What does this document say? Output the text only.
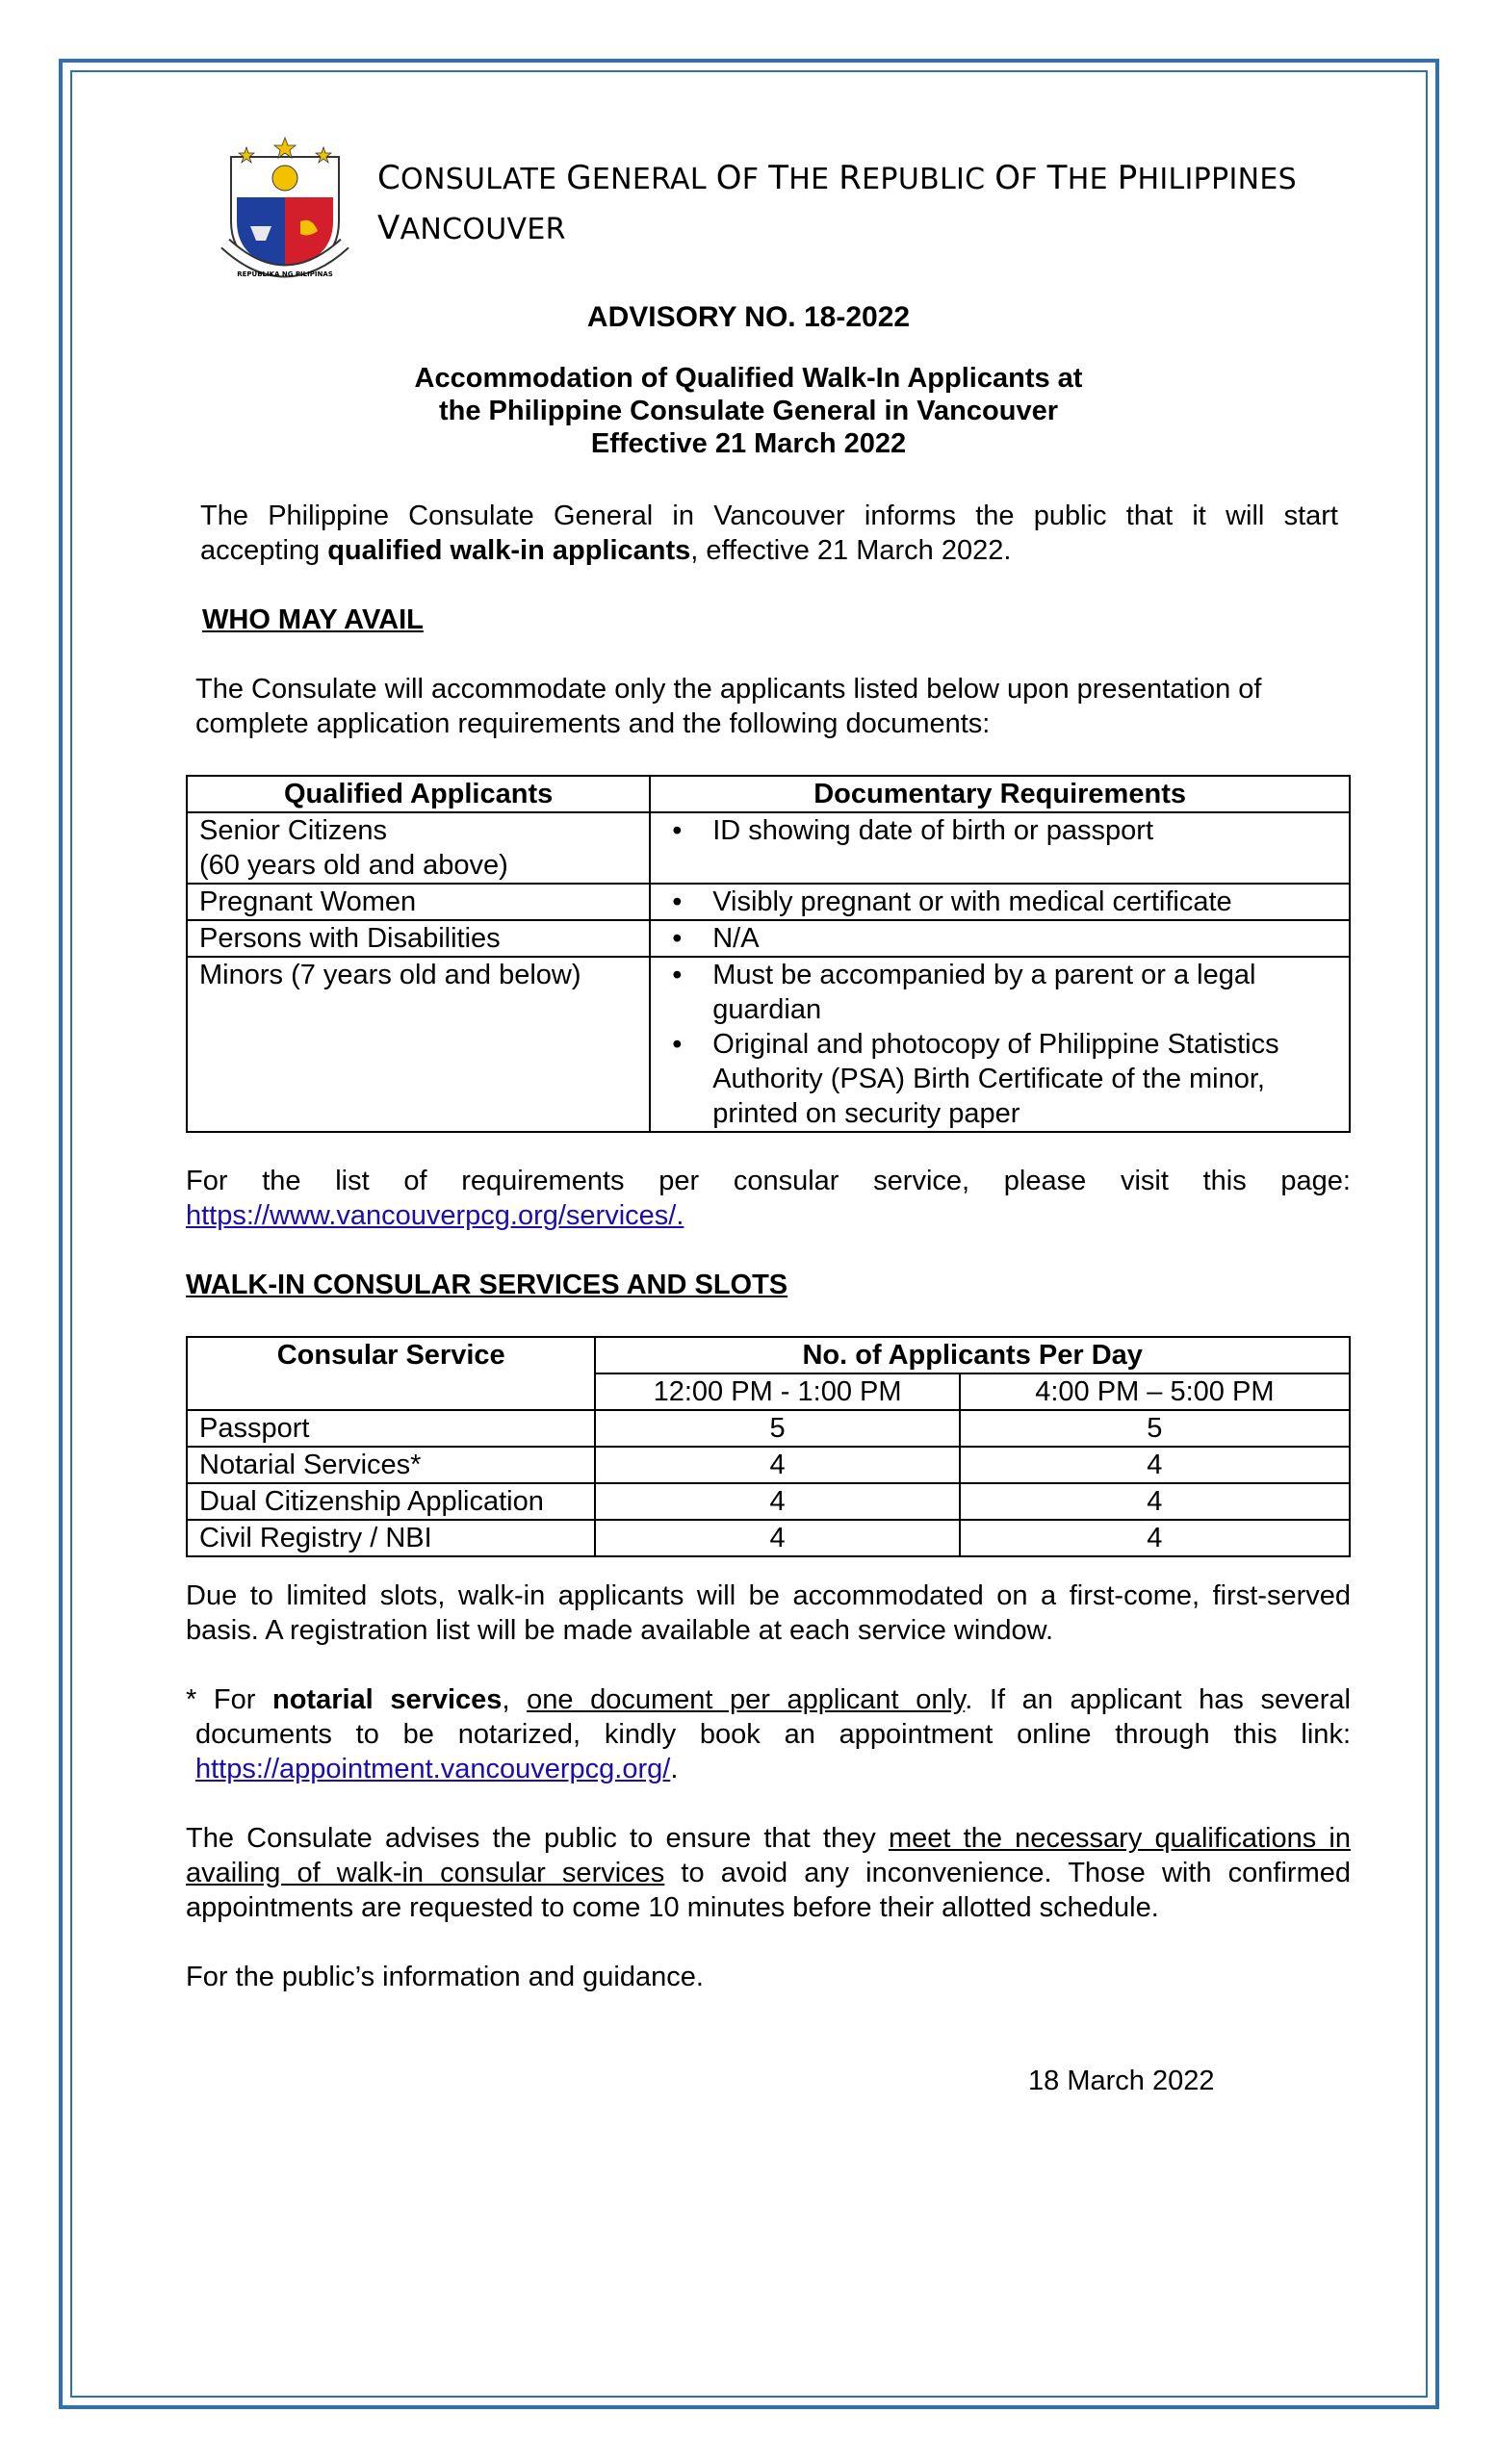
REPUBLIKA NG PILIPINAS
CONSULATE GENERAL OF THE REPUBLIC OF THE PHILIPPINES
VANCOUVER
ADVISORY NO. 18-2022
Accommodation of Qualified Walk-In Applicants at
the Philippine Consulate General in Vancouver
Effective 21 March 2022
The Philippine Consulate General in Vancouver informs the public that it will start
accepting qualified walk-in applicants, effective 21 March 2022.
WHO MAY AVAIL
The Consulate will accommodate only the applicants listed below upon presentation of
complete application requirements and the following documents:
Qualified Applicants	Documentary Requirements

Senior Citizens
(60 years old and above)	• ID showing date of birth or passport

Pregnant Women	• Visibly pregnant or with medical certificate

Persons with Disabilities	• N/A

Minors (7 years old and below)	• Must be accompanied by a parent or a legal guardian
• Original and photocopy of Philippine Statistics Authority (PSA) Birth Certificate of the minor, printed on security paper
For the list of requirements per consular service, please visit this page:
https://www.vancouverpcg.org/services/.
WALK-IN CONSULAR SERVICES AND SLOTS
Consular Service	No. of Applicants Per Day	
	12:00 PM - 1:00 PM	4:00 PM – 5:00 PM
Passport	5	5
Notarial Services*	4	4
Dual Citizenship Application	4	4
Civil Registry / NBI	4	4
Due to limited slots, walk-in applicants will be accommodated on a first-come, first-served
basis. A registration list will be made available at each service window.
* For notarial services, one document per applicant only. If an applicant has several
documents to be notarized, kindly book an appointment online through this link:
https://appointment.vancouverpcg.org/.
The Consulate advises the public to ensure that they meet the necessary qualifications in
availing of walk-in consular services to avoid any inconvenience. Those with confirmed
appointments are requested to come 10 minutes before their allotted schedule.
For the public’s information and guidance.
18 March 2022
